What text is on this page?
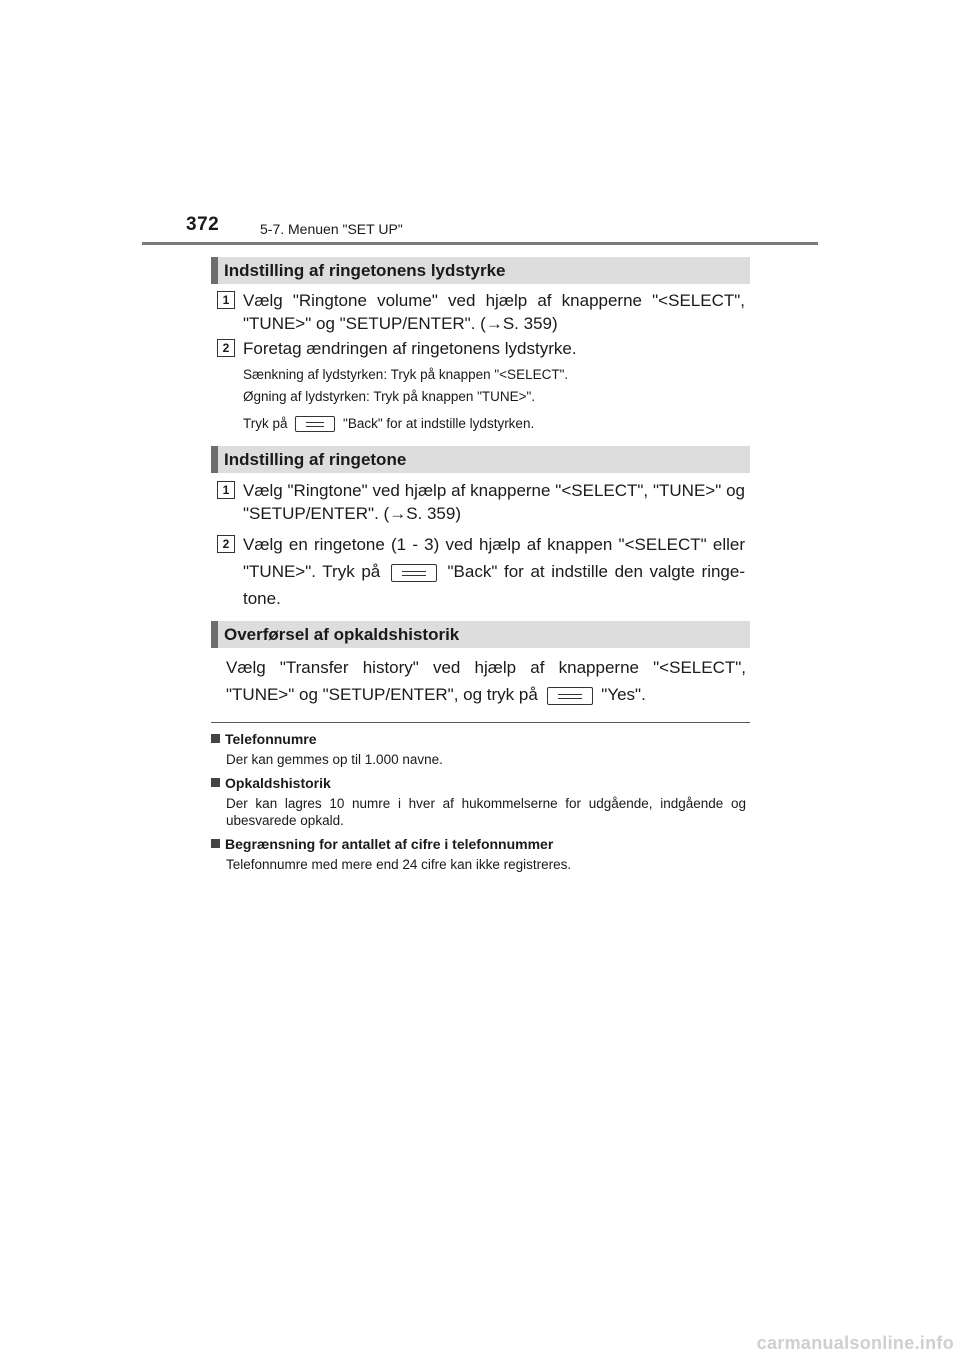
372	5-7. Menuen "SET UP"
Indstilling af ringetonens lydstyrke
1 Vælg "Ringtone volume" ved hjælp af knapperne "<SELECT", "TUNE>" og "SETUP/ENTER". (→S. 359)
2 Foretag ændringen af ringetonens lydstyrke.
Sænkning af lydstyrken: Tryk på knappen "<SELECT".
Øgning af lydstyrken: Tryk på knappen "TUNE>".
Tryk på	"Back" for at indstille lydstyrken.
Indstilling af ringetone
1 Vælg "Ringtone" ved hjælp af knapperne "<SELECT", "TUNE>" og "SETUP/ENTER". (→S. 359)
2 Vælg en ringetone (1 - 3) ved hjælp af knappen "<SELECT" eller "TUNE>". Tryk på	"Back" for at indstille den valgte ringe-tone.
Overførsel af opkaldshistorik
Vælg "Transfer history" ved hjælp af knapperne "<SELECT", "TUNE>" og "SETUP/ENTER", og tryk på	"Yes".
Telefonnumre
Der kan gemmes op til 1.000 navne.
Opkaldshistorik
Der kan lagres 10 numre i hver af hukommelserne for udgående, indgående og ubesvarede opkald.
Begrænsning for antallet af cifre i telefonnummer
Telefonnumre med mere end 24 cifre kan ikke registreres.
carmanualsonline.info
